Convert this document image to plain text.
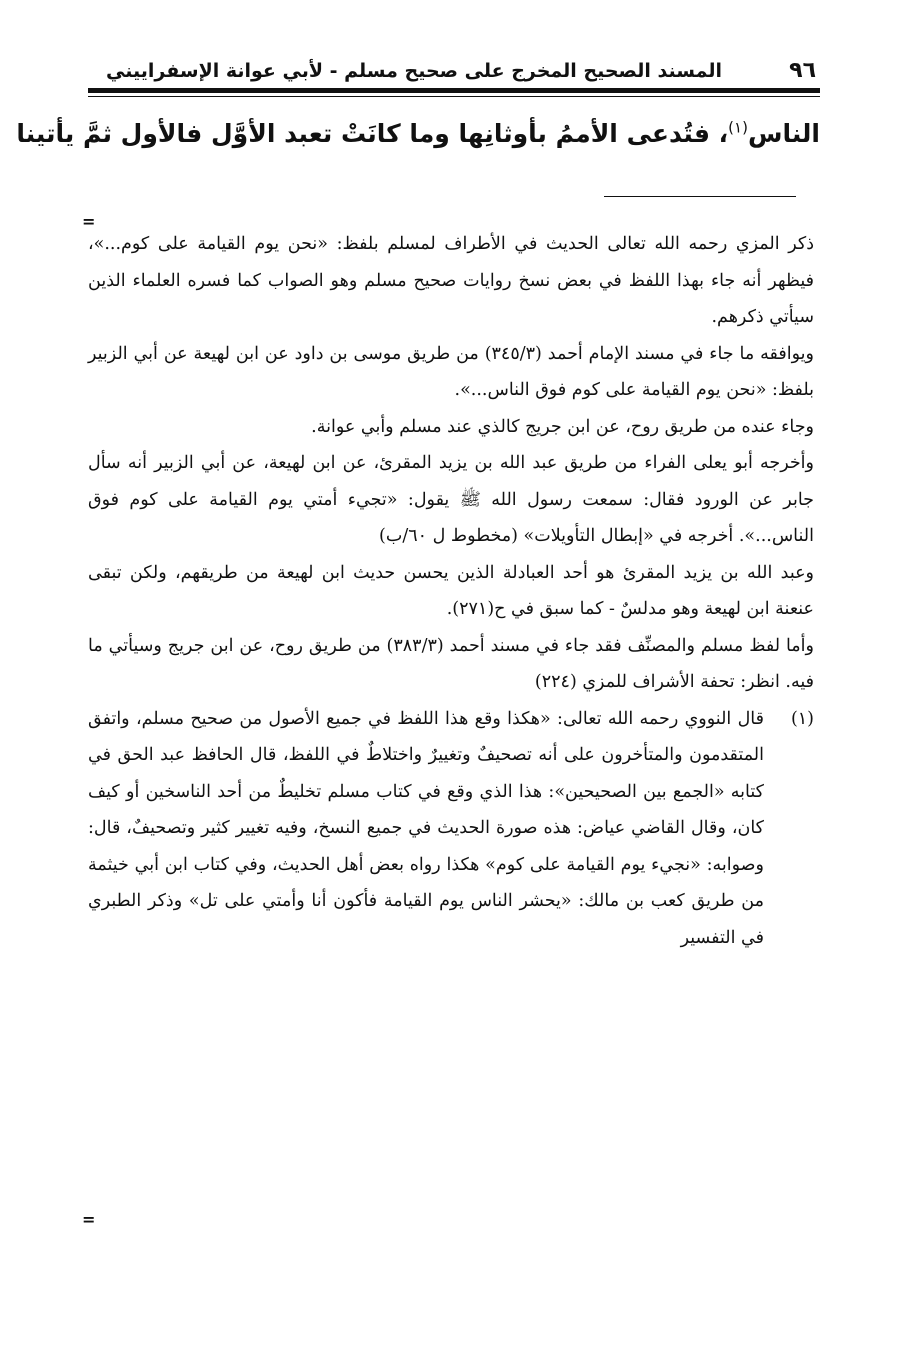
٩٦
المسند الصحيح المخرج على صحيح مسلم - لأبي عوانة الإسفراييني
الناس$^{(١)}$، فتُدعى الأممُ بأوثانِها وما كانَتْ تعبد الأوَّل فالأول ثمَّ يأتينا
=

ذكر المزي رحمه الله تعالى الحديث في الأطراف لمسلم بلفظ: «نحن يوم القيامة على كوم...»، فيظهر أنه جاء بهذا اللفظ في بعض نسخ روايات صحيح مسلم وهو الصواب كما فسره العلماء الذين سيأتي ذكرهم.

ويوافقه ما جاء في مسند الإمام أحمد (٣٤٥/٣) من طريق موسى بن داود عن ابن لهيعة عن أبي الزبير بلفظ: «نحن يوم القيامة على كوم فوق الناس...».

وجاء عنده من طريق روح، عن ابن جريج كالذي عند مسلم وأبي عوانة.

وأخرجه أبو يعلى الفراء من طريق عبد الله بن يزيد المقرئ، عن ابن لهيعة، عن أبي الزبير أنه سأل جابر عن الورود فقال: سمعت رسول الله ﷺ يقول: «تجيء أمتي يوم القيامة على كوم فوق الناس...». أخرجه في «إبطال التأويلات» (مخطوط ل ٦٠/ب)

وعبد الله بن يزيد المقرئ هو أحد العبادلة الذين يحسن حديث ابن لهيعة من طريقهم، ولكن تبقى عنعنة ابن لهيعة وهو مدلسٌ - كما سبق في ح(٢٧١).

وأما لفظ مسلم والمصنِّف فقد جاء في مسند أحمد (٣٨٣/٣) من طريق روح، عن ابن جريج وسيأتي ما فيه. انظر: تحفة الأشراف للمزي (٢٢٤)

(١)

قال النووي رحمه الله تعالى: «هكذا وقع هذا اللفظ في جميع الأصول من صحيح مسلم، واتفق المتقدمون والمتأخرون على أنه تصحيفٌ وتغييرٌ واختلاطٌ في اللفظ، قال الحافظ عبد الحق في كتابه «الجمع بين الصحيحين»: هذا الذي وقع في كتاب مسلم تخليطٌ من أحد الناسخين أو كيف كان، وقال القاضي عياض: هذه صورة الحديث في جميع النسخ، وفيه تغيير كثير وتصحيفٌ، قال: وصوابه: «نجيء يوم القيامة على كوم» هكذا رواه بعض أهل الحديث، وفي كتاب ابن أبي خيثمة من طريق كعب بن مالك: «يحشر الناس يوم القيامة فأكون أنا وأمتي على تل» وذكر الطبري في التفسير

=
